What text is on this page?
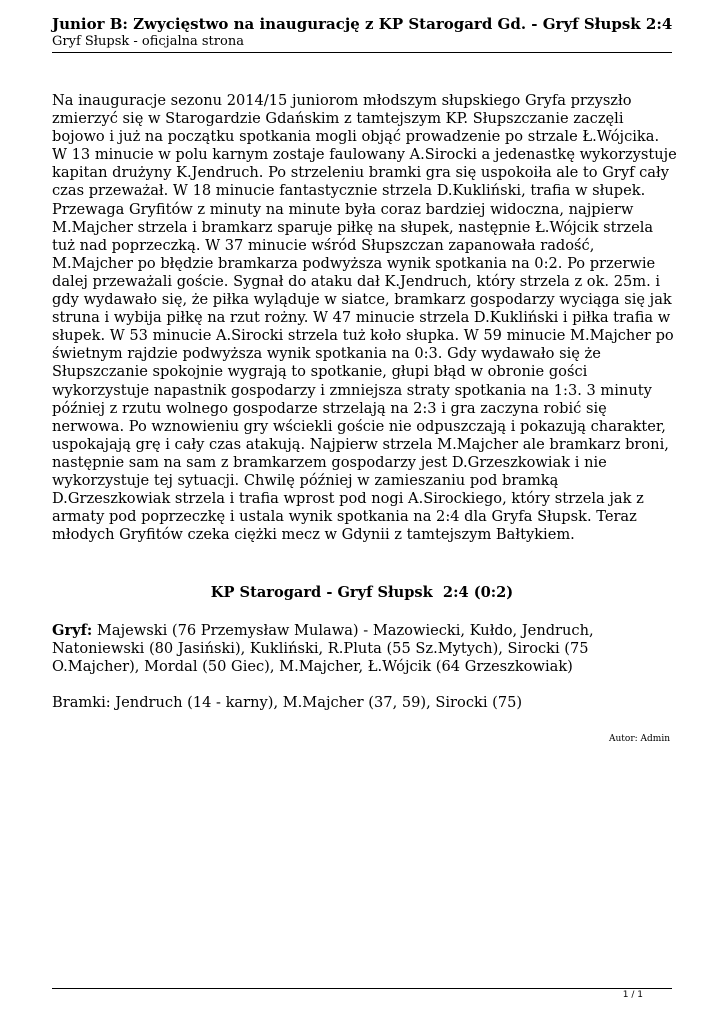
Junior B: Zwycięstwo na inaugurację z KP Starogard Gd. - Gryf Słupsk 2:4
Gryf Słupsk - oficjalna strona

Na inauguracje sezonu 2014/15 juniorom młodszym słupskiego Gryfa przyszło zmierzyć się w Starogardzie Gdańskim z tamtejszym KP. Słupszczanie zaczęli bojowo i już na początku spotkania mogli objąć prowadzenie po strzale Ł.Wójcika. W 13 minucie w polu karnym zostaje faulowany A.Sirocki a jedenastkę wykorzystuje kapitan drużyny K.Jendruch. Po strzeleniu bramki gra się uspokoiła ale to Gryf cały czas przeważał. W 18 minucie fantastycznie strzela D.Kukliński, trafia w słupek. Przewaga Gryfitów z minuty na minute była coraz bardziej widoczna, najpierw M.Majcher strzela i bramkarz sparuje piłkę na słupek, następnie Ł.Wójcik strzela tuż nad poprzeczką. W 37 minucie wśród Słupszczan zapanowała radość, M.Majcher po błędzie bramkarza podwyższa wynik spotkania na 0:2. Po przerwie dalej przeważali goście. Sygnał do ataku dał K.Jendruch, który strzela z ok. 25m. i gdy wydawało się, że piłka wyląduje w siatce, bramkarz gospodarzy wyciąga się jak struna i wybija piłkę na rzut rożny. W 47 minucie strzela D.Kukliński i piłka trafia w słupek. W 53 minucie A.Sirocki strzela tuż koło słupka. W 59 minucie M.Majcher po świetnym rajdzie podwyższa wynik spotkania na 0:3. Gdy wydawało się że Słupszczanie spokojnie wygrają to spotkanie, głupi błąd w obronie gości wykorzystuje napastnik gospodarzy i zmniejsza straty spotkania na 1:3. 3 minuty później z rzutu wolnego gospodarze strzelają na 2:3 i gra zaczyna robić się nerwowa. Po wznowieniu gry wściekli goście nie odpuszczają i pokazują charakter, uspokajają grę i cały czas atakują. Najpierw strzela M.Majcher ale bramkarz broni, następnie sam na sam z bramkarzem gospodarzy jest D.Grzeszkowiak i nie wykorzystuje tej sytuacji. Chwilę później w zamieszaniu pod bramką D.Grzeszkowiak strzela i trafia wprost pod nogi A.Sirockiego, który strzela jak z armaty pod poprzeczkę i ustala wynik spotkania na 2:4 dla Gryfa Słupsk. Teraz młodych Gryfitów czeka ciężki mecz w Gdynii z tamtejszym Bałtykiem.

KP Starogard - Gryf Słupsk  2:4 (0:2)
Gryf: Majewski (76 Przemysław Mulawa) - Mazowiecki, Kułdo, Jendruch, Natoniewski (80 Jasiński), Kukliński, R.Pluta (55 Sz.Mytych), Sirocki (75 O.Majcher), Mordal (50 Giec), M.Majcher, Ł.Wójcik (64 Grzeszkowiak)
Bramki: Jendruch (14 - karny), M.Majcher (37, 59), Sirocki (75)
Autor: Admin
1 / 1
